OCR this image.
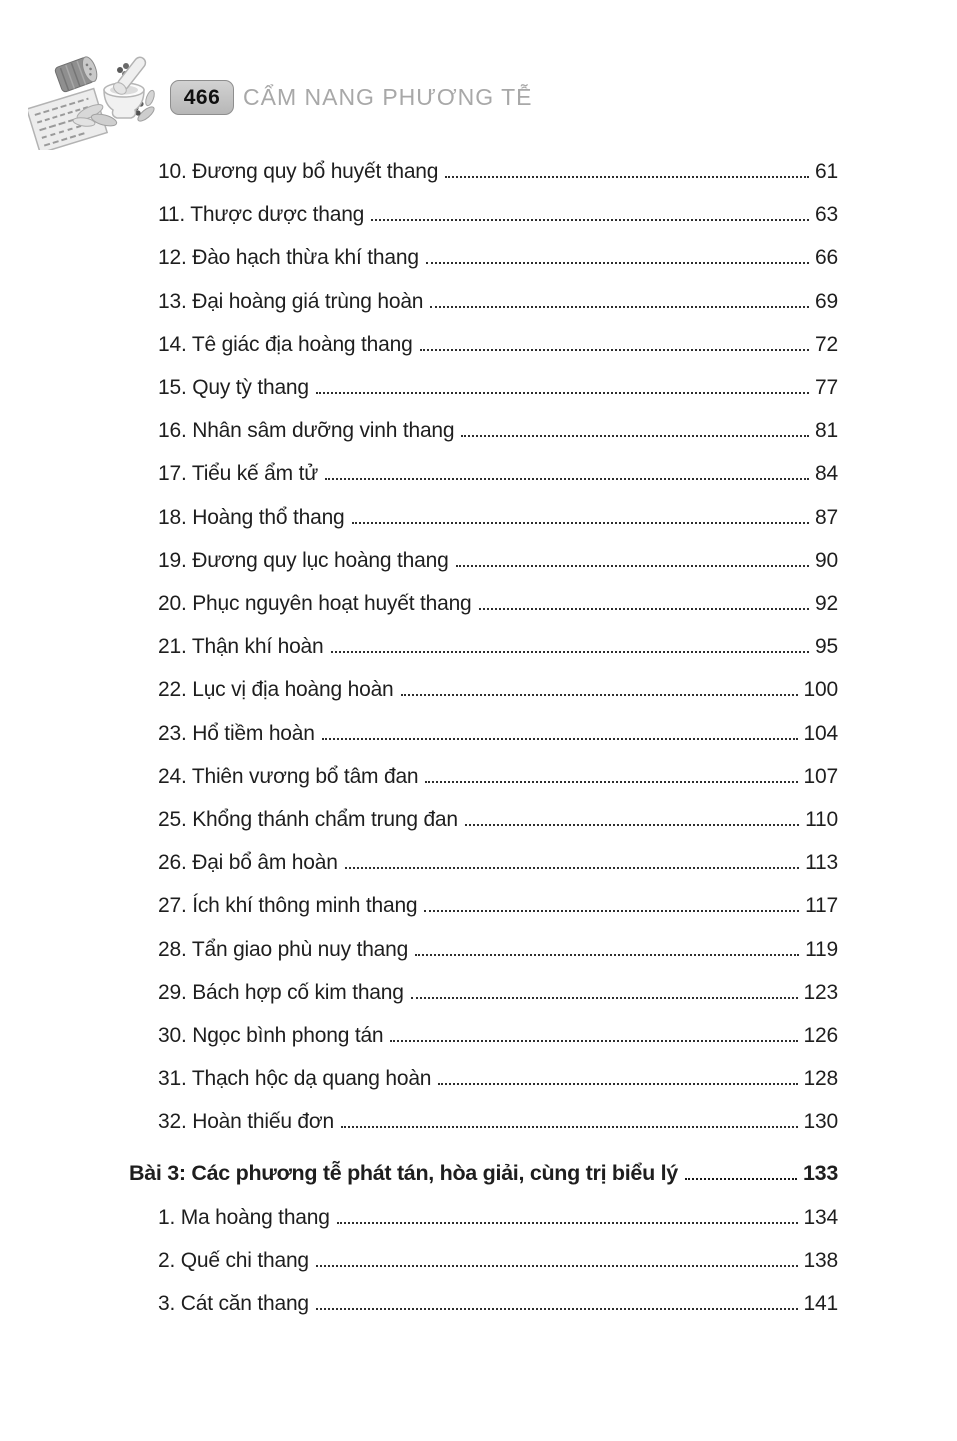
466 CẨM NANG PHƯƠNG TỄ
10. Đương quy bổ huyết thang	61
11. Thược dược thang	63
12. Đào hạch thừa khí thang	66
13. Đại hoàng giá trùng hoàn	69
14. Tê giác địa hoàng thang	72
15. Quy tỳ thang	77
16. Nhân sâm dưỡng vinh thang	81
17. Tiểu kế ẩm tử	84
18. Hoàng thổ thang	87
19. Đương quy lục hoàng thang	90
20. Phục nguyên hoạt huyết thang	92
21. Thận khí hoàn	95
22. Lục vị địa hoàng hoàn	100
23. Hổ tiềm hoàn	104
24. Thiên vương bổ tâm đan	107
25. Khổng thánh chẩm trung đan	110
26. Đại bổ âm hoàn	113
27. Ích khí thông minh thang	117
28. Tẩn giao phù nuy thang	119
29. Bách hợp cố kim thang	123
30. Ngọc bình phong tán	126
31. Thạch hộc dạ quang hoàn	128
32. Hoàn thiếu đơn	130
Bài 3: Các phương tễ phát tán, hòa giải, cùng trị biểu lý	133
1. Ma hoàng thang	134
2. Quế chi thang	138
3. Cát căn thang	141
